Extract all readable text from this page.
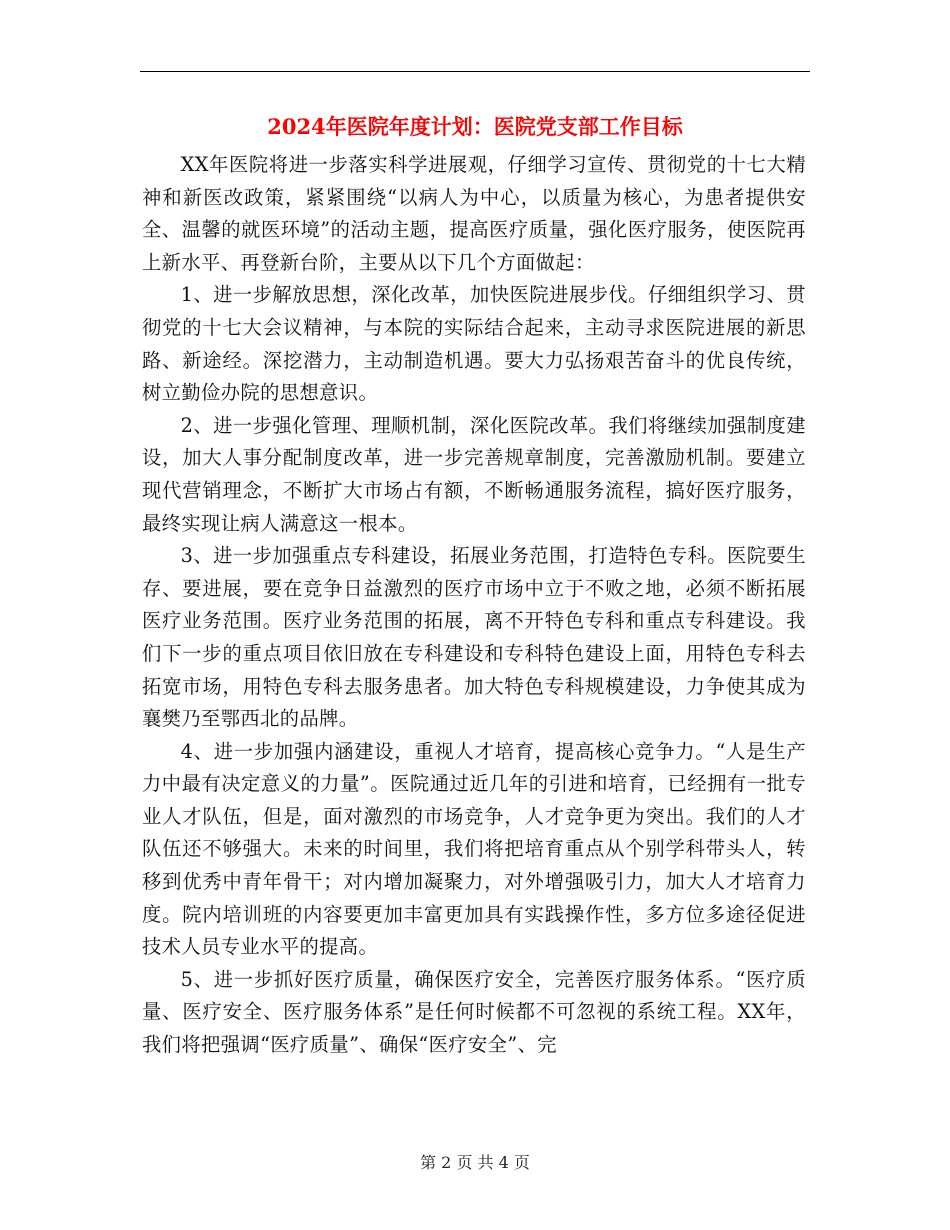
2024年医院年度计划：医院党支部工作目标

XX年医院将进一步落实科学进展观，仔细学习宣传、贯彻党的十七大精神和新医改政策，紧紧围绕“以病人为中心，以质量为核心，为患者提供安全、温馨的就医环境”的活动主题，提高医疗质量，强化医疗服务，使医院再上新水平、再登新台阶，主要从以下几个方面做起：

1、进一步解放思想，深化改革，加快医院进展步伐。仔细组织学习、贯彻党的十七大会议精神，与本院的实际结合起来，主动寻求医院进展的新思路、新途经。深挖潜力，主动制造机遇。要大力弘扬艰苦奋斗的优良传统，树立勤俭办院的思想意识。

2、进一步强化管理、理顺机制，深化医院改革。我们将继续加强制度建设，加大人事分配制度改革，进一步完善规章制度，完善激励机制。要建立现代营销理念，不断扩大市场占有额，不断畅通服务流程，搞好医疗服务，最终实现让病人满意这一根本。

3、进一步加强重点专科建设，拓展业务范围，打造特色专科。医院要生存、要进展，要在竞争日益激烈的医疗市场中立于不败之地，必须不断拓展医疗业务范围。医疗业务范围的拓展，离不开特色专科和重点专科建设。我们下一步的重点项目依旧放在专科建设和专科特色建设上面，用特色专科去拓宽市场，用特色专科去服务患者。加大特色专科规模建设，力争使其成为襄樊乃至鄂西北的品牌。

4、进一步加强内涵建设，重视人才培育，提高核心竞争力。“人是生产力中最有决定意义的力量”。医院通过近几年的引进和培育，已经拥有一批专业人才队伍，但是，面对激烈的市场竞争，人才竞争更为突出。我们的人才队伍还不够强大。未来的时间里，我们将把培育重点从个别学科带头人，转移到优秀中青年骨干；对内增加凝聚力，对外增强吸引力，加大人才培育力度。院内培训班的内容要更加丰富更加具有实践操作性，多方位多途径促进技术人员专业水平的提高。

5、进一步抓好医疗质量，确保医疗安全，完善医疗服务体系。“医疗质量、医疗安全、医疗服务体系”是任何时候都不可忽视的系统工程。XX年，我们将把强调“医疗质量”、确保“医疗安全”、完

第 2 页 共 4 页
